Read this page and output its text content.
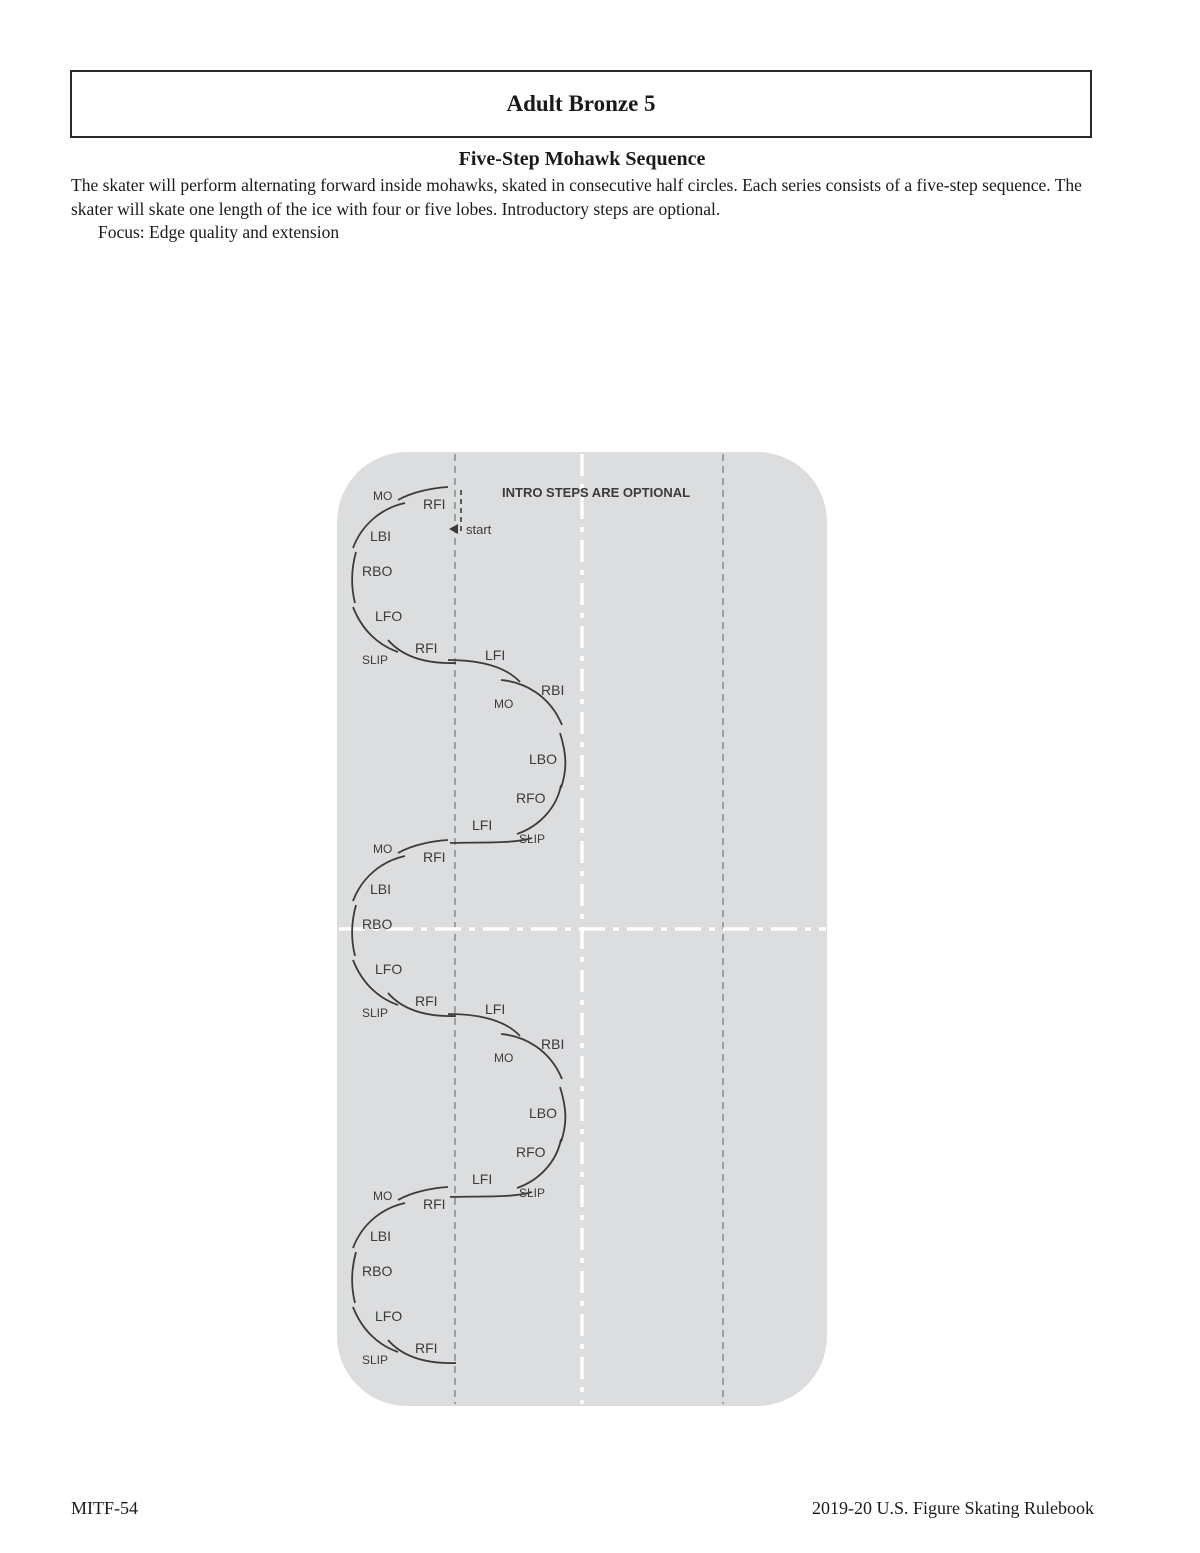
Adult Bronze 5
Five-Step Mohawk Sequence

The skater will perform alternating forward inside mohawks, skated in consecutive half circles. Each series consists of a five-step sequence. The skater will skate one length of the ice with four or five lobes. Introductory steps are optional.

Focus: Edge quality and extension

start
INTRO STEPS ARE OPTIONAL
MO RFI
LBI
RBO
LFO
RFI
SLIP	LFI
RBI
MO
LBO
RFO
LFI
SLIP
MO RFI
LBI
RBO
LFO
RFI
SLIP	LFI
RBI
MO
LBO
RFO
LFI
SLIP
MO RFI
LBI
RBO
LFO
RFI
SLIP
MITF-54	2019-20 U.S. Figure Skating Rulebook
